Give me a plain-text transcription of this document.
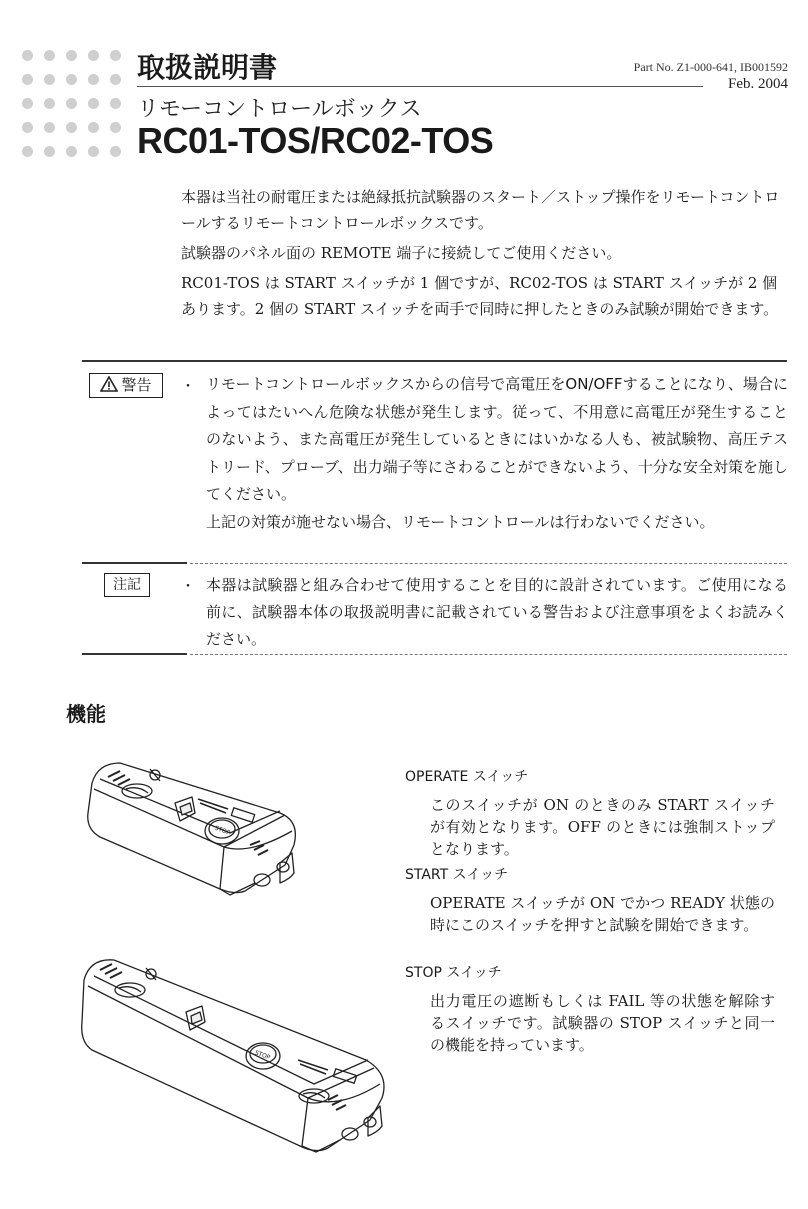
取扱説明書	Part No. Z1-000-641, IB001592
Feb. 2004
リモーコントロールボックス
RC01-TOS/RC02-TOS
本器は当社の耐電圧または絶縁抵抗試験器のスタート／ストップ操作をリモートコントロールするリモートコントロールボックスです。
試験器のパネル面の REMOTE 端子に接続してご使用ください。
RC01-TOS は START スイッチが 1 個ですが、RC02-TOS は START スイッチが 2 個あります。2 個の START スイッチを両手で同時に押したときのみ試験が開始できます。
警告	・ リモートコントロールボックスからの信号で高電圧をON/OFFすることになり、場合によってはたいへん危険な状態が発生します。従って、不用意に高電圧が発生することのないよう、また高電圧が発生しているときにはいかなる人も、被試験物、高圧テストリード、プローブ、出力端子等にさわることができないよう、十分な安全対策を施してください。
上記の対策が施せない場合、リモートコントロールは行わないでください。
注記	・ 本器は試験器と組み合わせて使用することを目的に設計されています。ご使用になる前に、試験器本体の取扱説明書に記載されている警告および注意事項をよくお読みください。
機能
STOP
STOP
OPERATE スイッチ
このスイッチが ON のときのみ START スイッチが有効となります。OFF のときには強制ストップとなります。
START スイッチ
OPERATE スイッチが ON でかつ READY 状態の時にこのスイッチを押すと試験を開始できます。
STOP スイッチ
出力電圧の遮断もしくは FAIL 等の状態を解除するスイッチです。試験器の STOP スイッチと同一の機能を持っています。
